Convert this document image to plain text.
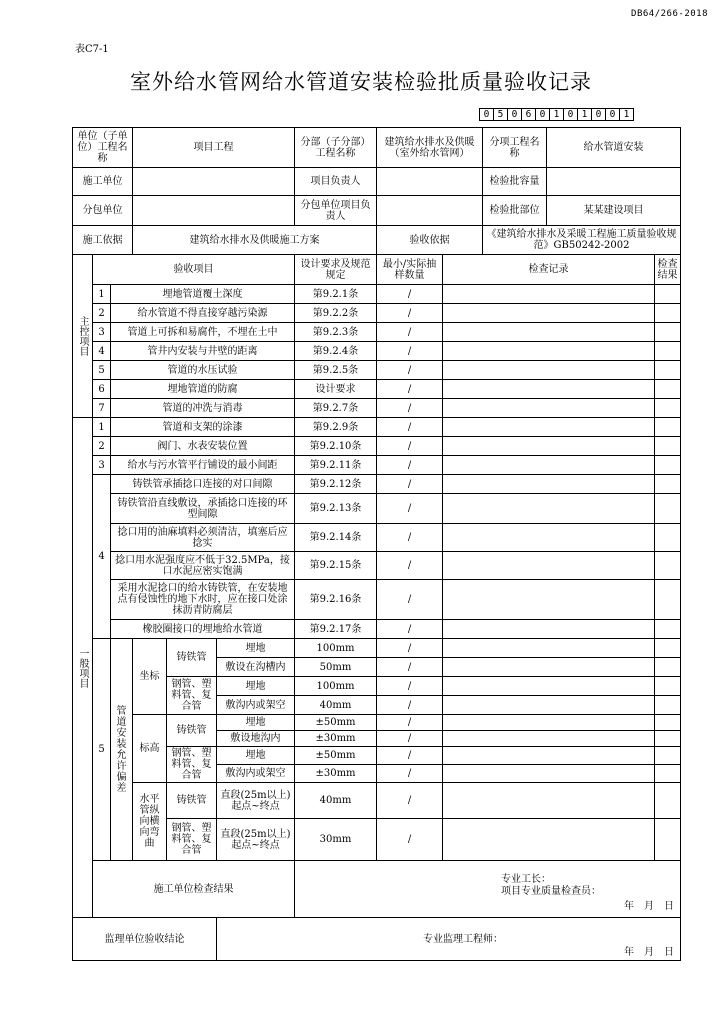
DB64/266-2018
表C7-1
室外给水管网给水管道安装检验批质量验收记录
0 5 0 6 0 1 0 1 0 0 1
单位（子单位）工程名称			项目工程			分部（子分部）工程名称	建筑给水排水及供暖（室外给水管网）		分项工程名称	给水管道安装	
施工单位						项目负责人			检验批容量		
分包单位						分包单位项目负责人			检验批部位	某某建设项目	
施工依据			建筑给水排水及供暖施工方案				验收依据		《建筑给水排水及采暖工程施工质量验收规范》GB50242-2002		
主控项目	验收项目					设计要求及规范规定	最小/实际抽样数量	检查记录			检查结果
	1	埋地管道覆土深度				第9.2.1条	/				
	2	给水管道不得直接穿越污染源				第9.2.2条	/				
	3	管道上可拆和易腐件，不埋在土中				第9.2.3条	/				
	4	管井内安装与井壁的距离				第9.2.4条	/				
	5	管道的水压试验				第9.2.5条	/				
	6	埋地管道的防腐				设计要求	/				
	7	管道的冲洗与消毒				第9.2.7条	/				
一般项目	1	管道和支架的涂漆				第9.2.9条	/				
	2	阀门、水表安装位置				第9.2.10条	/				
	3	给水与污水管平行铺设的最小间距				第9.2.11条	/				
	4	铸铁管承插捻口连接的对口间隙				第9.2.12条	/				
		铸铁管沿直线敷设，承插捻口连接的环型间隙				第9.2.13条	/				
		捻口用的油麻填料必须清洁，填塞后应捻实				第9.2.14条	/				
		捻口用水泥强度应不低于32.5MPa，接口水泥应密实饱满				第9.2.15条	/				
		采用水泥捻口的给水铸铁管，在安装地点有侵蚀性的地下水时，应在接口处涂抹沥青防腐层				第9.2.16条	/				
		橡胶圈接口的埋地给水管道				第9.2.17条	/				
	5	管道安装允许偏差	坐标	铸铁管	埋地	100mm	/				
					敷设在沟槽内	50mm	/				
				钢管、塑料管、复合管	埋地	100mm	/				
					敷沟内或架空	40mm	/				
			标高	铸铁管	埋地	±50mm	/				
					敷设地沟内	±30mm	/				
				钢管、塑料管、复合管	埋地	±50mm	/				
					敷沟内或架空	±30mm	/				
			水平管纵向横向弯曲	铸铁管	直段(25m以上)起点~终点	40mm	/				

				钢管、塑料管、复合管	直段(25m以上)起点~终点	30mm	/				

	施工单位检查结果					专业工长：
项目专业质量检查员：
年　月　日					

监理单位验收结论					专业监理工程师：
年　月　日						
